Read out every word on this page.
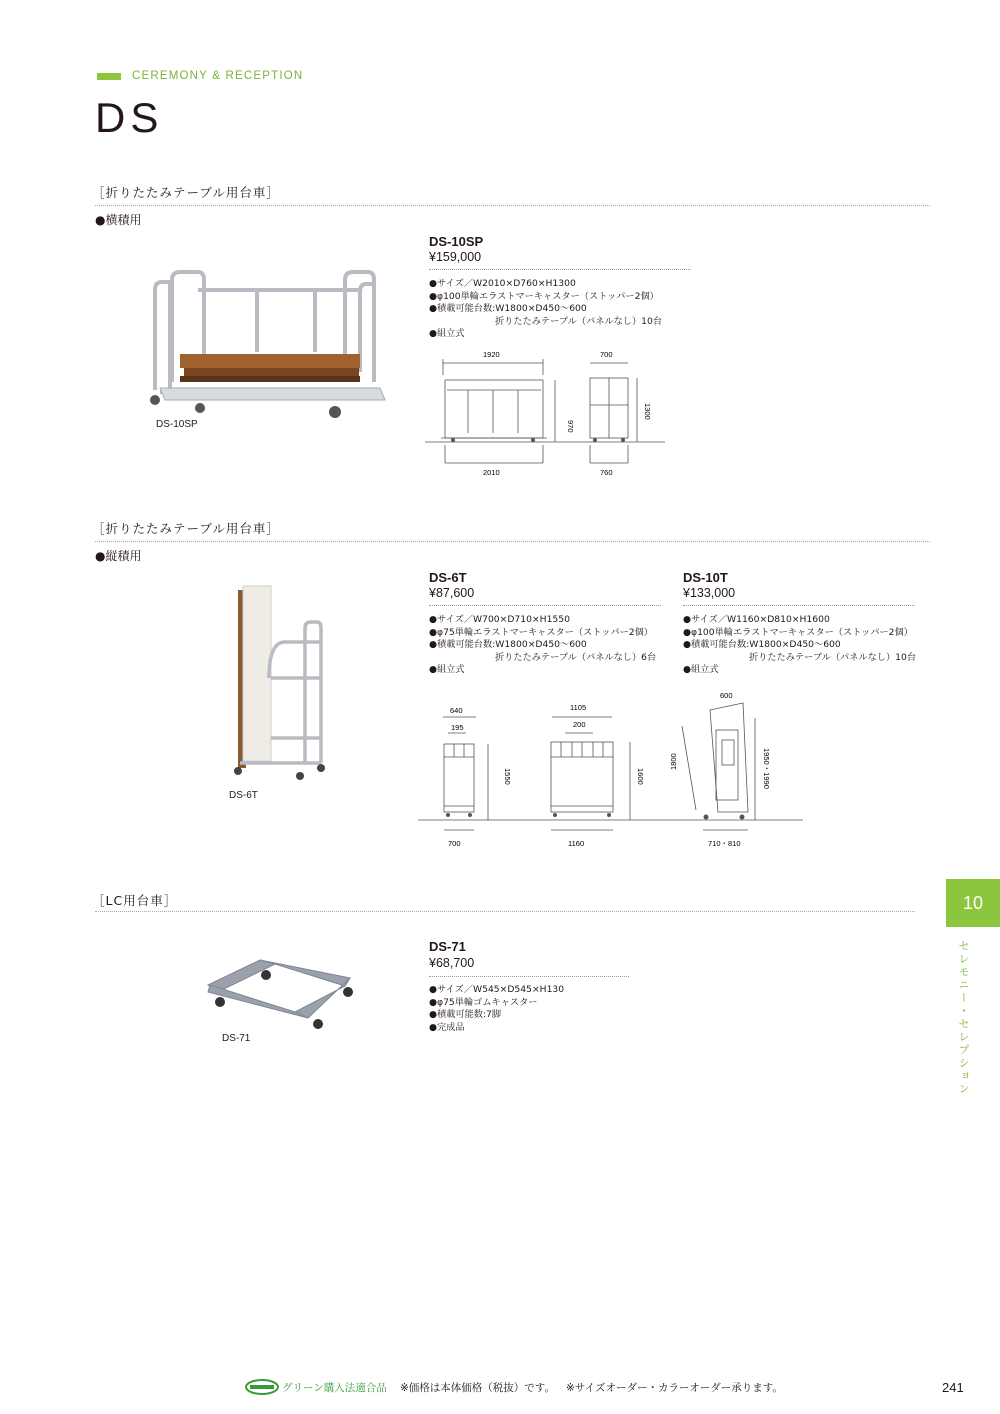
CEREMONY & RECEPTION
DS
［折りたたみテーブル用台車］
●横積用
DS-10SP
DS-10SP
¥159,000
●サイズ／W2010×D760×H1300
●φ100単輪エラストマーキャスター（ストッパー2個）
●積載可能台数:W1800×D450～600
折りたたみテーブル（パネルなし）10台
●組立式
1920	700
2010	760
970
1300
［折りたたみテーブル用台車］
●縦積用
DS-6T
DS-6T
¥87,600
●サイズ／W700×D710×H1550
●φ75単輪エラストマーキャスター（ストッパー2個）
●積載可能台数:W1800×D450～600
折りたたみテーブル（パネルなし）6台
●組立式
DS-10T
¥133,000
●サイズ／W1160×D810×H1600
●φ100単輪エラストマーキャスター（ストッパー2個）
●積載可能台数:W1800×D450～600
折りたたみテーブル（パネルなし）10台
●組立式
640
195
700
1550
1105
200
1160
1600
600
1800	1950・1990
710・810
［LC用台車］
DS-71
DS-71
¥68,700
●サイズ／W545×D545×H130
●φ75単輪ゴムキャスター
●積載可能数:7脚
●完成品
10
セレモニー・セレプション
グリーン購入法適合品 ※価格は本体価格（税抜）です。 ※サイズオーダー・カラーオーダー承ります。	241
